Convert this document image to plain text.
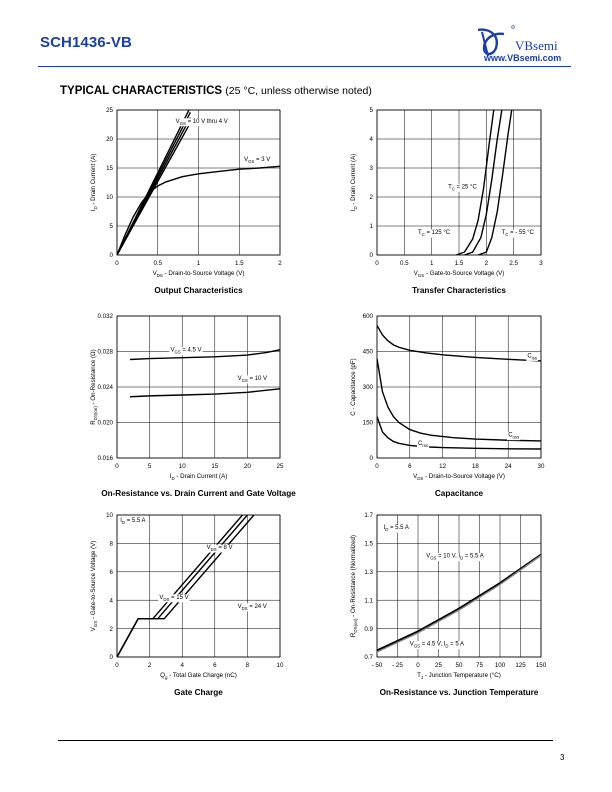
SCH1436-VB	VBsemi
www.VBsemi.com
TYPICAL CHARACTERISTICS (25 °C, unless otherwise noted)
0	0.5	1	1.5	2
0
5
10
15
20
25
$V_{GS} = 10$ V thru 4 V
$V_{GS} = 3$ V
$V_{DS}$ - Drain-to-Source Voltage (V)
$I_D$ - Drain Current (A)
Output Characteristics
0	0.5	1	1.5	2	2.5	3
0
1
2
3
4
5
$T_C = 25$ °C
$T_C = 125$ °C	$T_C$ = - 55 °C
$V_{GS}$ - Gate-to-Source Voltage (V)
$I_D$ - Drain Current (A)
Transfer Characteristics
0	5	10	15	20	25
0.016
0.020
0.024
0.028
0.032
$V_{GS} = 4.5$ V
$V_{GS} = 10$ V
$I_D$ - Drain Current (A)
$R_{DS(on)}$ - On-Resistance (Ω)
On-Resistance vs. Drain Current and Gate Voltage
0	6	12	18	24	30
0
150
300
450
600
$C_{iss}$
$C_{oss}$
$C_{rss}$
$V_{DS}$ - Drain-to-Source Voltage (V)
C - Capacitance (pF)
Capacitance
0	2	4	6	8	10
0
2
4
6
8
10
$I_D = 5.5$ A
$V_{DS} = 8$ V
$V_{DS} = 15$ V
$V_{DS} = 24$ V
$Q_g$ - Total Gate Charge (nC)
$V_{GS}$ - Gate-to-Source Voltage (V)
Gate Charge
- 50 - 25 0 25 50 75 100 125 150
0.7
0.9
1.1
1.3
1.5
1.7
$I_D = 5.5$ A
$V_{GS} = 10$ V, $I_D = 5.5$ A
$V_{GS} = 4.5$ V, $I_D = 5$ A
$T_J$ - Junction Temperature (°C)
$R_{DS(on)}$ - On-Resistance (Normalized)
On-Resistance vs. Junction Temperature
3
